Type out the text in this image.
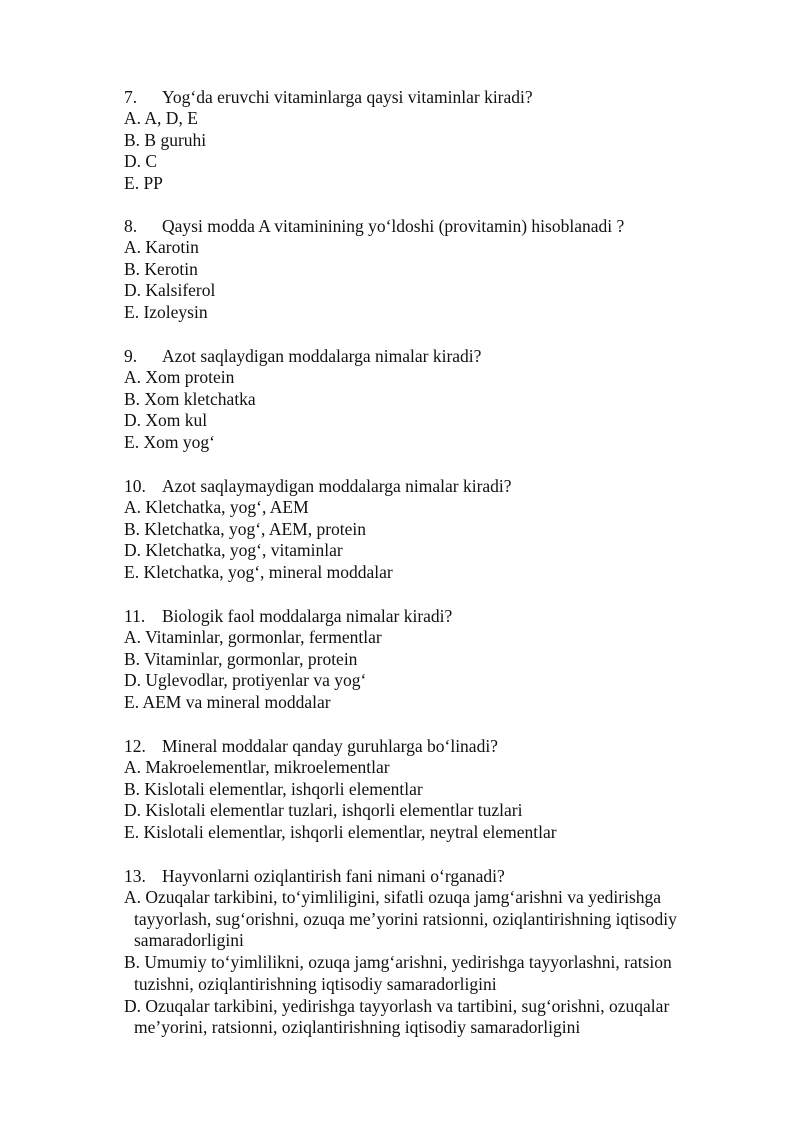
7. Yog‘da eruvchi vitaminlarga qaysi vitaminlar kiradi?
A. A, D, E
B. B guruhi
D. C
E. PP
8. Qaysi modda A vitaminining yo‘ldoshi (provitamin) hisoblanadi ?
A. Karotin
B. Kerotin
D. Kalsiferol
E. Izoleysin
9. Azot saqlaydigan moddalarga nimalar kiradi?
A. Xom protein
B. Xom kletchatka
D. Xom kul
E. Xom yog‘
10. Azot saqlaymaydigan moddalarga nimalar kiradi?
A. Kletchatka, yog‘, AEM
B. Kletchatka, yog‘, AEM, protein
D. Kletchatka, yog‘, vitaminlar
E. Kletchatka, yog‘, mineral moddalar
11. Biologik faol moddalarga nimalar kiradi?
A. Vitaminlar, gormonlar, fermentlar
B. Vitaminlar, gormonlar, protein
D. Uglevodlar, protiyenlar va yog‘
E. AEM va mineral moddalar
12. Mineral moddalar qanday guruhlarga bo‘linadi?
A. Makroelementlar, mikroelementlar
B. Kislotali elementlar, ishqorli elementlar
D. Kislotali elementlar tuzlari, ishqorli elementlar tuzlari
E. Kislotali elementlar, ishqorli elementlar, neytral elementlar
13. Hayvonlarni oziqlantirish fani nimani o‘rganadi?
A. Ozuqalar tarkibini, to‘yimliligini, sifatli ozuqa jamg‘arishni va yedirishga tayyorlash, sug‘orishni, ozuqa me’yorini ratsionni, oziqlantirishning iqtisodiy samaradorligini
B. Umumiy to‘yimlilikni, ozuqa jamg‘arishni, yedirishga tayyorlashni, ratsion tuzishni, oziqlantirishning iqtisodiy samaradorligini
D. Ozuqalar tarkibini, yedirishga tayyorlash va tartibini, sug‘orishni, ozuqalar me’yorini, ratsionni, oziqlantirishning iqtisodiy samaradorligini
